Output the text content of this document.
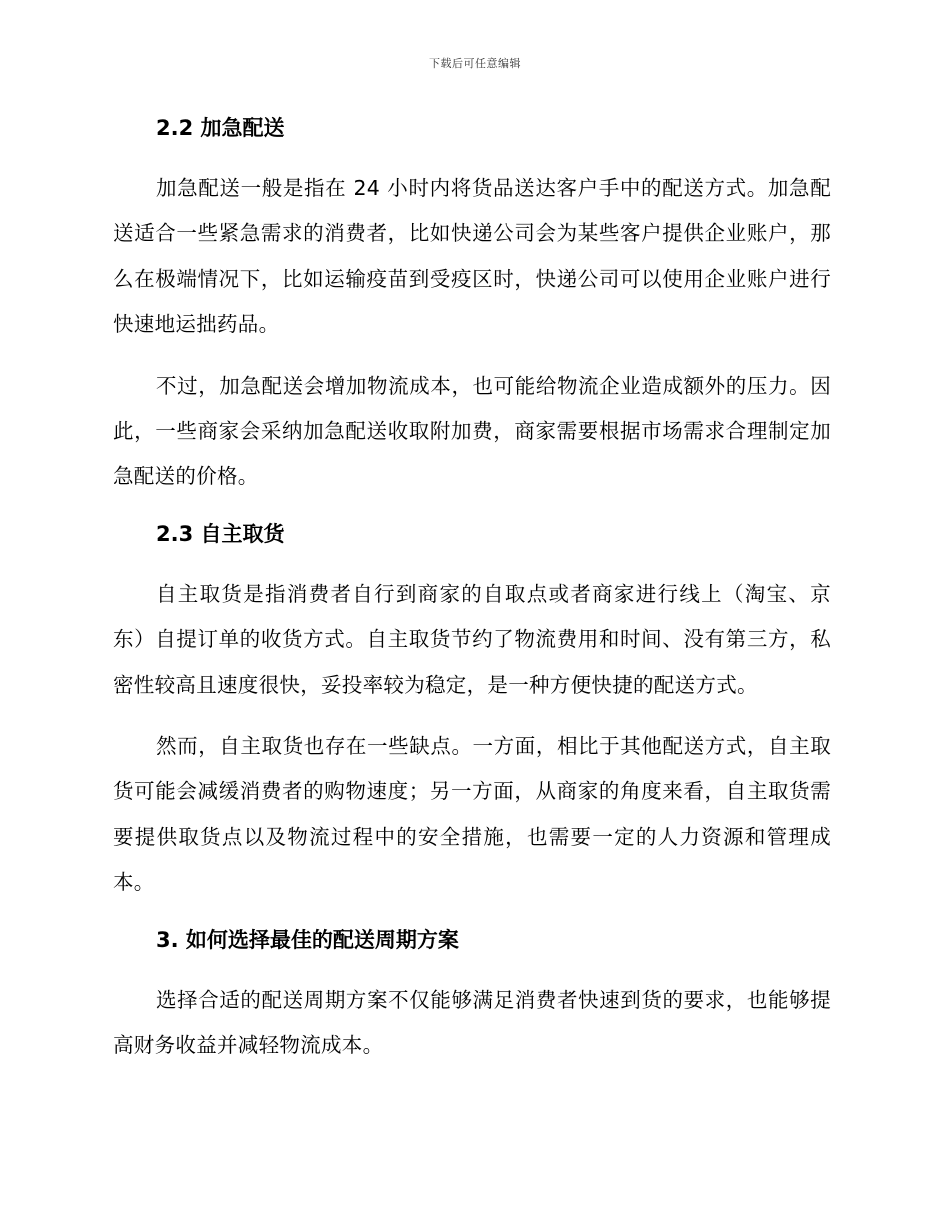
下载后可任意编辑
2.2 加急配送

加急配送一般是指在 24 小时内将货品送达客户手中的配送方式。加急配送适合一些紧急需求的消费者，比如快递公司会为某些客户提供企业账户，那么在极端情况下，比如运输疫苗到受疫区时，快递公司可以使用企业账户进行快速地运拙药品。

不过，加急配送会增加物流成本，也可能给物流企业造成额外的压力。因此，一些商家会采纳加急配送收取附加费，商家需要根据市场需求合理制定加急配送的价格。

2.3 自主取货

自主取货是指消费者自行到商家的自取点或者商家进行线上（淘宝、京东）自提订单的收货方式。自主取货节约了物流费用和时间、没有第三方，私密性较高且速度很快，妥投率较为稳定，是一种方便快捷的配送方式。

然而，自主取货也存在一些缺点。一方面，相比于其他配送方式，自主取货可能会减缓消费者的购物速度；另一方面，从商家的角度来看，自主取货需要提供取货点以及物流过程中的安全措施，也需要一定的人力资源和管理成本。

3. 如何选择最佳的配送周期方案

选择合适的配送周期方案不仅能够满足消费者快速到货的要求，也能够提高财务收益并减轻物流成本。
